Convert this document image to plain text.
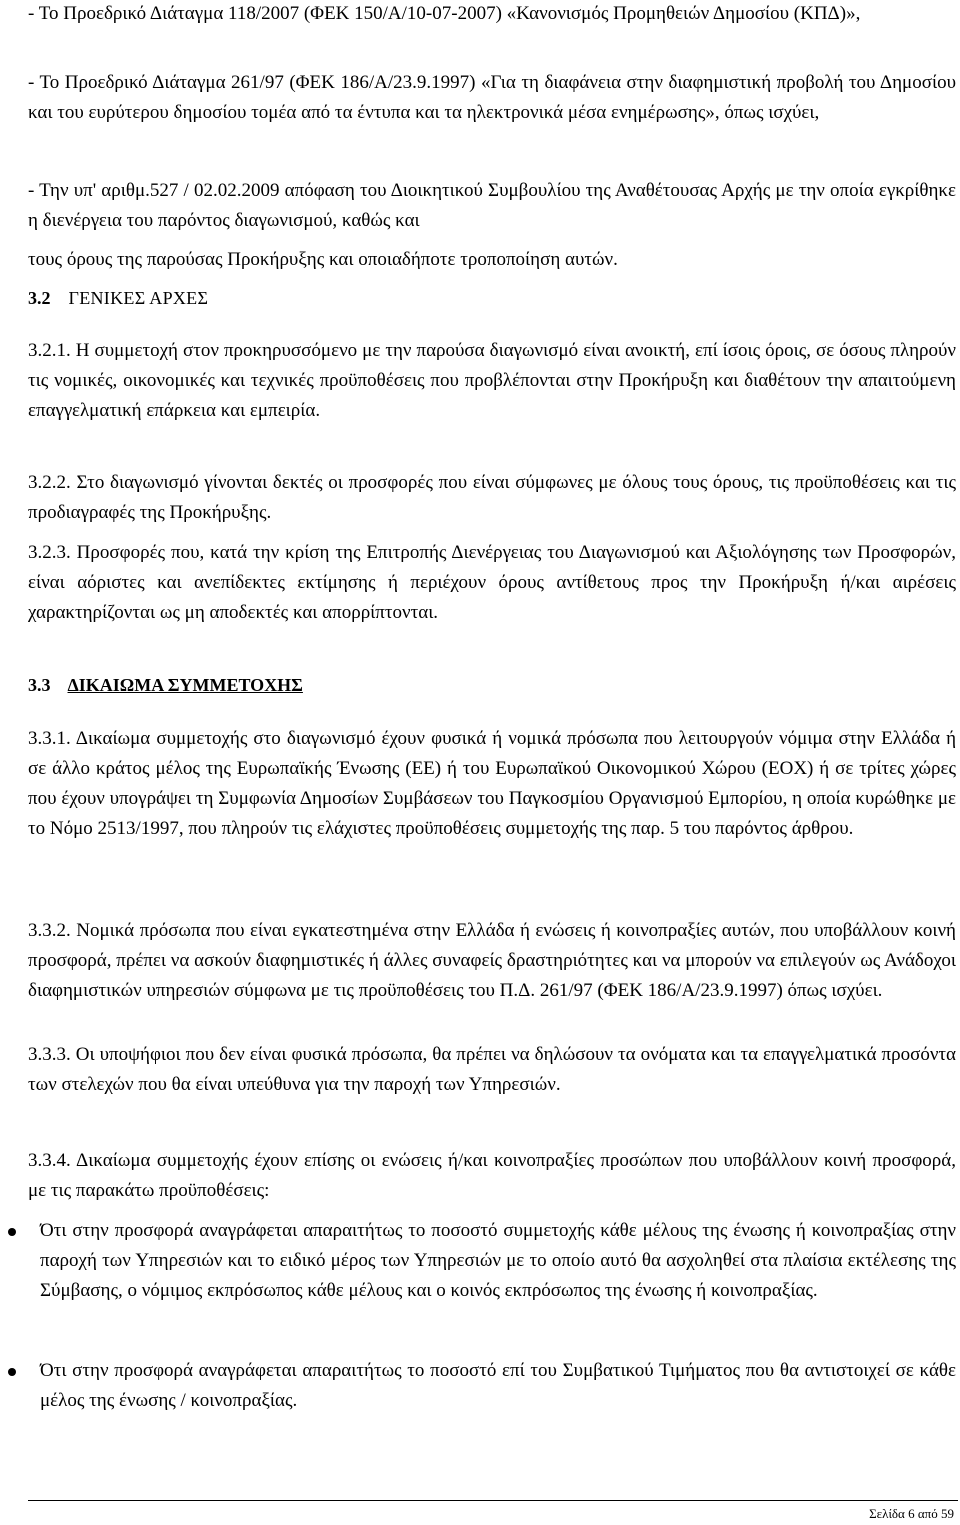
- Το Προεδρικό Διάταγμα 118/2007 (ΦΕΚ 150/Α/10-07-2007) «Κανονισμός Προμηθειών Δημοσίου (ΚΠΔ)»,

- Το Προεδρικό Διάταγμα 261/97 (ΦΕΚ 186/Α/23.9.1997) «Για τη διαφάνεια στην διαφημιστική προβολή του Δημοσίου και του ευρύτερου δημοσίου τομέα από τα έντυπα και τα ηλεκτρονικά μέσα ενημέρωσης», όπως ισχύει,

- Την υπ' αριθμ.527 / 02.02.2009 απόφαση του Διοικητικού Συμβουλίου της Αναθέτουσας Αρχής με την οποία εγκρίθηκε η διενέργεια του παρόντος διαγωνισμού, καθώς και

τους όρους της παρούσας Προκήρυξης και οποιαδήποτε τροποποίηση αυτών.

3.2 ΓΕΝΙΚΕΣ ΑΡΧΕΣ

3.2.1. Η συμμετοχή στον προκηρυσσόμενο με την παρούσα διαγωνισμό είναι ανοικτή, επί ίσοις όροις, σε όσους πληρούν τις νομικές, οικονομικές και τεχνικές προϋποθέσεις που προβλέπονται στην Προκήρυξη και διαθέτουν την απαιτούμενη επαγγελματική επάρκεια και εμπειρία.

3.2.2. Στο διαγωνισμό γίνονται δεκτές οι προσφορές που είναι σύμφωνες με όλους τους όρους, τις προϋποθέσεις και τις προδιαγραφές της Προκήρυξης.

3.2.3. Προσφορές που, κατά την κρίση της Επιτροπής Διενέργειας του Διαγωνισμού και Αξιολόγησης των Προσφορών, είναι αόριστες και ανεπίδεκτες εκτίμησης ή περιέχουν όρους αντίθετους προς την Προκήρυξη ή/και αιρέσεις χαρακτηρίζονται ως μη αποδεκτές και απορρίπτονται.

3.3 ΔΙΚΑΙΩΜΑ ΣΥΜΜΕΤΟΧΗΣ

3.3.1. Δικαίωμα συμμετοχής στο διαγωνισμό έχουν φυσικά ή νομικά πρόσωπα που λειτουργούν νόμιμα στην Ελλάδα ή σε άλλο κράτος μέλος της Ευρωπαϊκής Ένωσης (ΕΕ) ή του Ευρωπαϊκού Οικονομικού Χώρου (ΕΟΧ) ή σε τρίτες χώρες που έχουν υπογράψει τη Συμφωνία Δημοσίων Συμβάσεων του Παγκοσμίου Οργανισμού Εμπορίου, η οποία κυρώθηκε με το Νόμο 2513/1997, που πληρούν τις ελάχιστες προϋποθέσεις συμμετοχής της παρ. 5 του παρόντος άρθρου.

3.3.2. Νομικά πρόσωπα που είναι εγκατεστημένα στην Ελλάδα ή ενώσεις ή κοινοπραξίες αυτών, που υποβάλλουν κοινή προσφορά, πρέπει να ασκούν διαφημιστικές ή άλλες συναφείς δραστηριότητες και να μπορούν να επιλεγούν ως Ανάδοχοι διαφημιστικών υπηρεσιών σύμφωνα με τις προϋποθέσεις του Π.Δ. 261/97 (ΦΕΚ 186/Α/23.9.1997) όπως ισχύει.

3.3.3. Οι υποψήφιοι που δεν είναι φυσικά πρόσωπα, θα πρέπει να δηλώσουν τα ονόματα και τα επαγγελματικά προσόντα των στελεχών που θα είναι υπεύθυνα για την παροχή των Υπηρεσιών.

3.3.4. Δικαίωμα συμμετοχής έχουν επίσης οι ενώσεις ή/και κοινοπραξίες προσώπων που υποβάλλουν κοινή προσφορά, με τις παρακάτω προϋποθέσεις:

Ότι στην προσφορά αναγράφεται απαραιτήτως το ποσοστό συμμετοχής κάθε μέλους της ένωσης ή κοινοπραξίας στην παροχή των Υπηρεσιών και το ειδικό μέρος των Υπηρεσιών με το οποίο αυτό θα ασχοληθεί στα πλαίσια εκτέλεσης της Σύμβασης, ο νόμιμος εκπρόσωπος κάθε μέλους και ο κοινός εκπρόσωπος της ένωσης ή κοινοπραξίας.
Ότι στην προσφορά αναγράφεται απαραιτήτως το ποσοστό επί του Συμβατικού Τιμήματος που θα αντιστοιχεί σε κάθε μέλος της ένωσης / κοινοπραξίας.
Σελίδα 6 από 59
